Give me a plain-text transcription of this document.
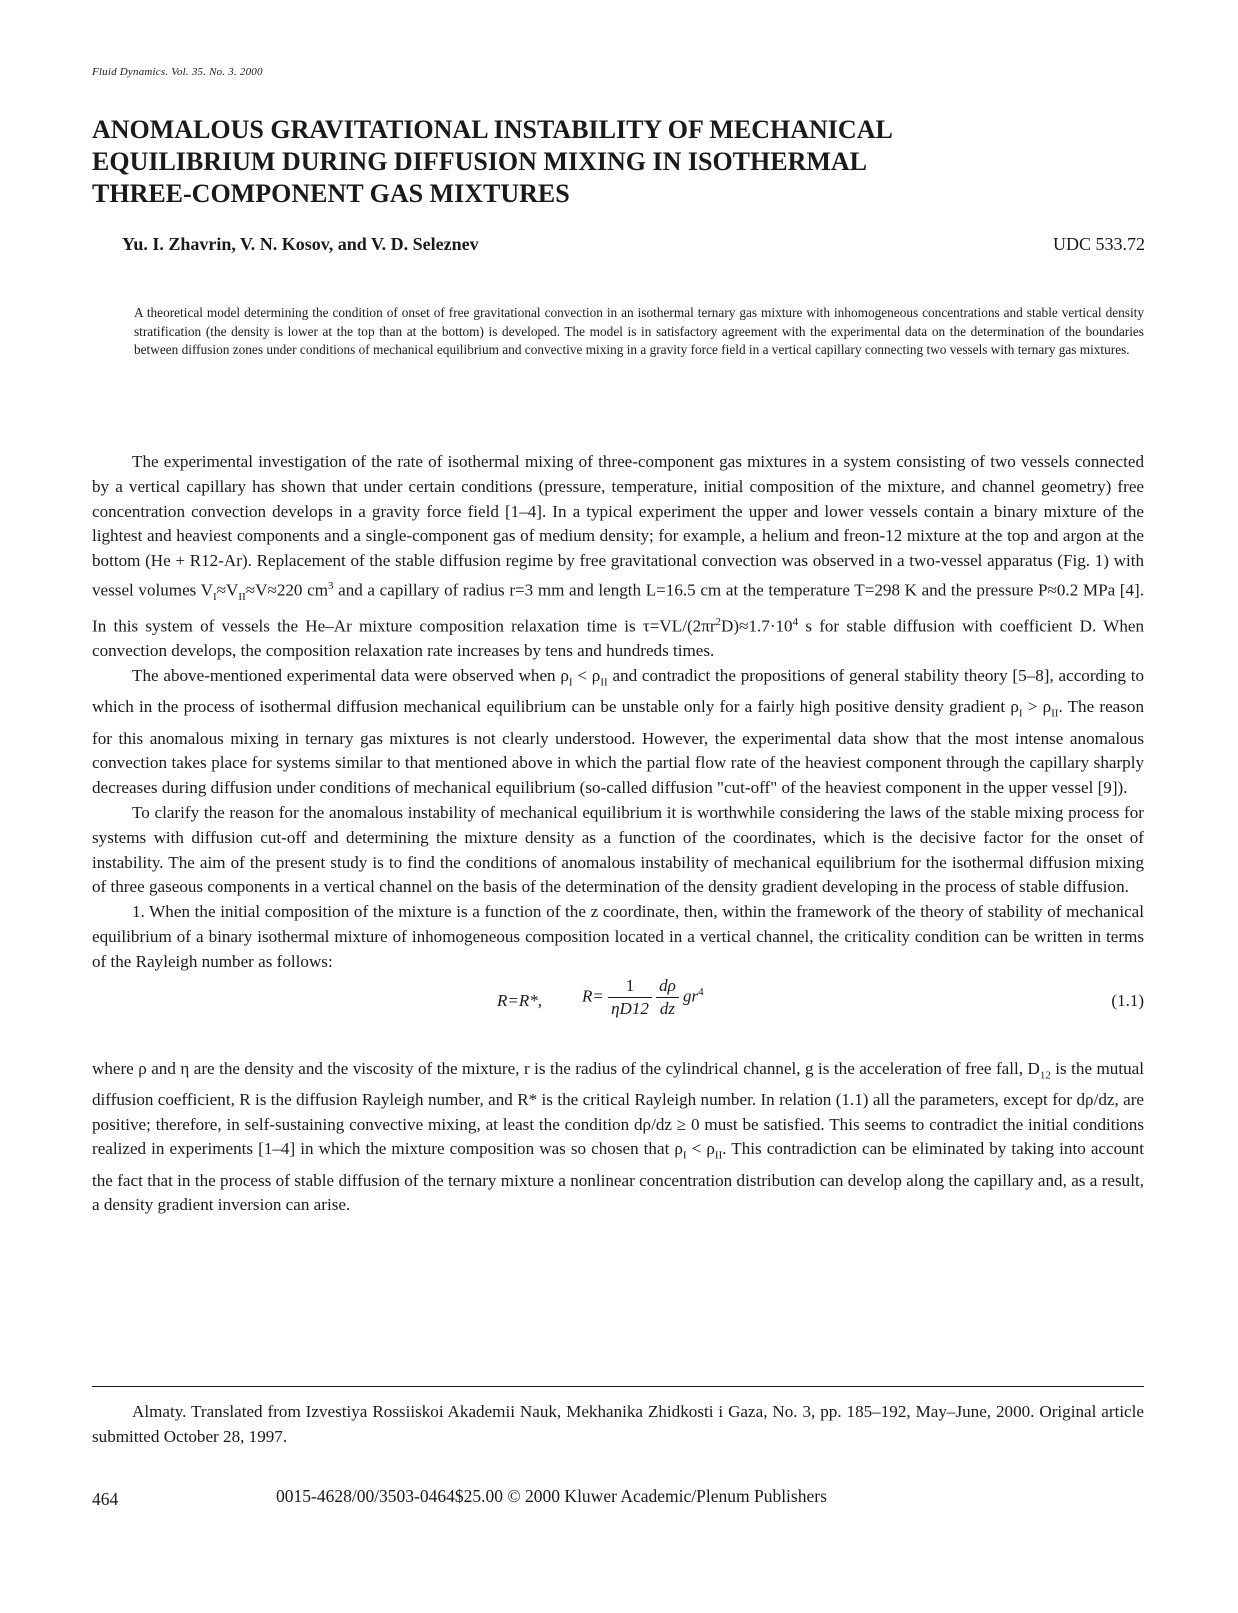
Fluid Dynamics. Vol. 35. No. 3. 2000
ANOMALOUS GRAVITATIONAL INSTABILITY OF MECHANICAL
EQUILIBRIUM DURING DIFFUSION MIXING IN ISOTHERMAL
THREE-COMPONENT GAS MIXTURES
Yu. I. Zhavrin, V. N. Kosov, and V. D. Seleznev	UDC 533.72

A theoretical model determining the condition of onset of free gravitational convection in an isothermal ternary gas mixture with inhomogeneous concentrations and stable vertical density stratification (the density is lower at the top than at the bottom) is developed. The model is in satisfactory agreement with the experimental data on the determination of the boundaries between diffusion zones under conditions of mechanical equilibrium and convective mixing in a gravity force field in a vertical capillary connecting two vessels with ternary gas mixtures.

The experimental investigation of the rate of isothermal mixing of three-component gas mixtures in a system consisting of two vessels connected by a vertical capillary has shown that under certain conditions (pressure, temperature, initial composition of the mixture, and channel geometry) free concentration convection develops in a gravity force field [1–4]. In a typical experiment the upper and lower vessels contain a binary mixture of the lightest and heaviest components and a single-component gas of medium density; for example, a helium and freon-12 mixture at the top and argon at the bottom (He + R12-Ar). Replacement of the stable diffusion regime by free gravitational convection was observed in a two-vessel apparatus (Fig. 1) with vessel volumes $V_I\approx V_{II}\approx V\approx 220$ $cm^3$ and a capillary of radius r=3 mm and length L=16.5 cm at the temperature T=298 K and the pressure P≈0.2 MPa [4]. In this system of vessels the He–Ar mixture composition relaxation time is $\tau=VL/(2\pi r^2D)\approx 1.7\cdot 10^4$ s for stable diffusion with coefficient D. When convection develops, the composition relaxation rate increases by tens and hundreds times.

The above-mentioned experimental data were observed when $\rho_I < \rho_{II}$ and contradict the propositions of general stability theory [5–8], according to which in the process of isothermal diffusion mechanical equilibrium can be unstable only for a fairly high positive density gradient $\rho_I > \rho_{II}$. The reason for this anomalous mixing in ternary gas mixtures is not clearly understood. However, the experimental data show that the most intense anomalous convection takes place for systems similar to that mentioned above in which the partial flow rate of the heaviest component through the capillary sharply decreases during diffusion under conditions of mechanical equilibrium (so-called diffusion "cut-off" of the heaviest component in the upper vessel [9]).

To clarify the reason for the anomalous instability of mechanical equilibrium it is worthwhile considering the laws of the stable mixing process for systems with diffusion cut-off and determining the mixture density as a function of the coordinates, which is the decisive factor for the onset of instability. The aim of the present study is to find the conditions of anomalous instability of mechanical equilibrium for the isothermal diffusion mixing of three gaseous components in a vertical channel on the basis of the determination of the density gradient developing in the process of stable diffusion.

1. When the initial composition of the mixture is a function of the z coordinate, then, within the framework of the theory of stability of mechanical equilibrium of a binary isothermal mixture of inhomogeneous composition located in a vertical channel, the criticality condition can be written in terms of the Rayleigh number as follows:

R=R*, $R= \frac{1}{\eta D12}$
$\frac{d\rho}{dz} gr^4$	(1.1)

where ρ and η are the density and the viscosity of the mixture, r is the radius of the cylindrical channel, g is the acceleration of free fall, $D_{12}$ is the mutual diffusion coefficient, R is the diffusion Rayleigh number, and R* is the critical Rayleigh number. In relation (1.1) all the parameters, except for dρ/dz, are positive; therefore, in self-sustaining convective mixing, at least the condition dρ/dz ≥ 0 must be satisfied. This seems to contradict the initial conditions realized in experiments [1–4] in which the mixture composition was so chosen that $\rho_I < \rho_{II}$. This contradiction can be eliminated by taking into account the fact that in the process of stable diffusion of the ternary mixture a nonlinear concentration distribution can develop along the capillary and, as a result, a density gradient inversion can arise.

Almaty. Translated from Izvestiya Rossiiskoi Akademii Nauk, Mekhanika Zhidkosti i Gaza, No. 3, pp. 185–192, May–June, 2000. Original article submitted October 28, 1997.

464	0015-4628/00/3503-0464$25.00 © 2000 Kluwer Academic/Plenum Publishers
